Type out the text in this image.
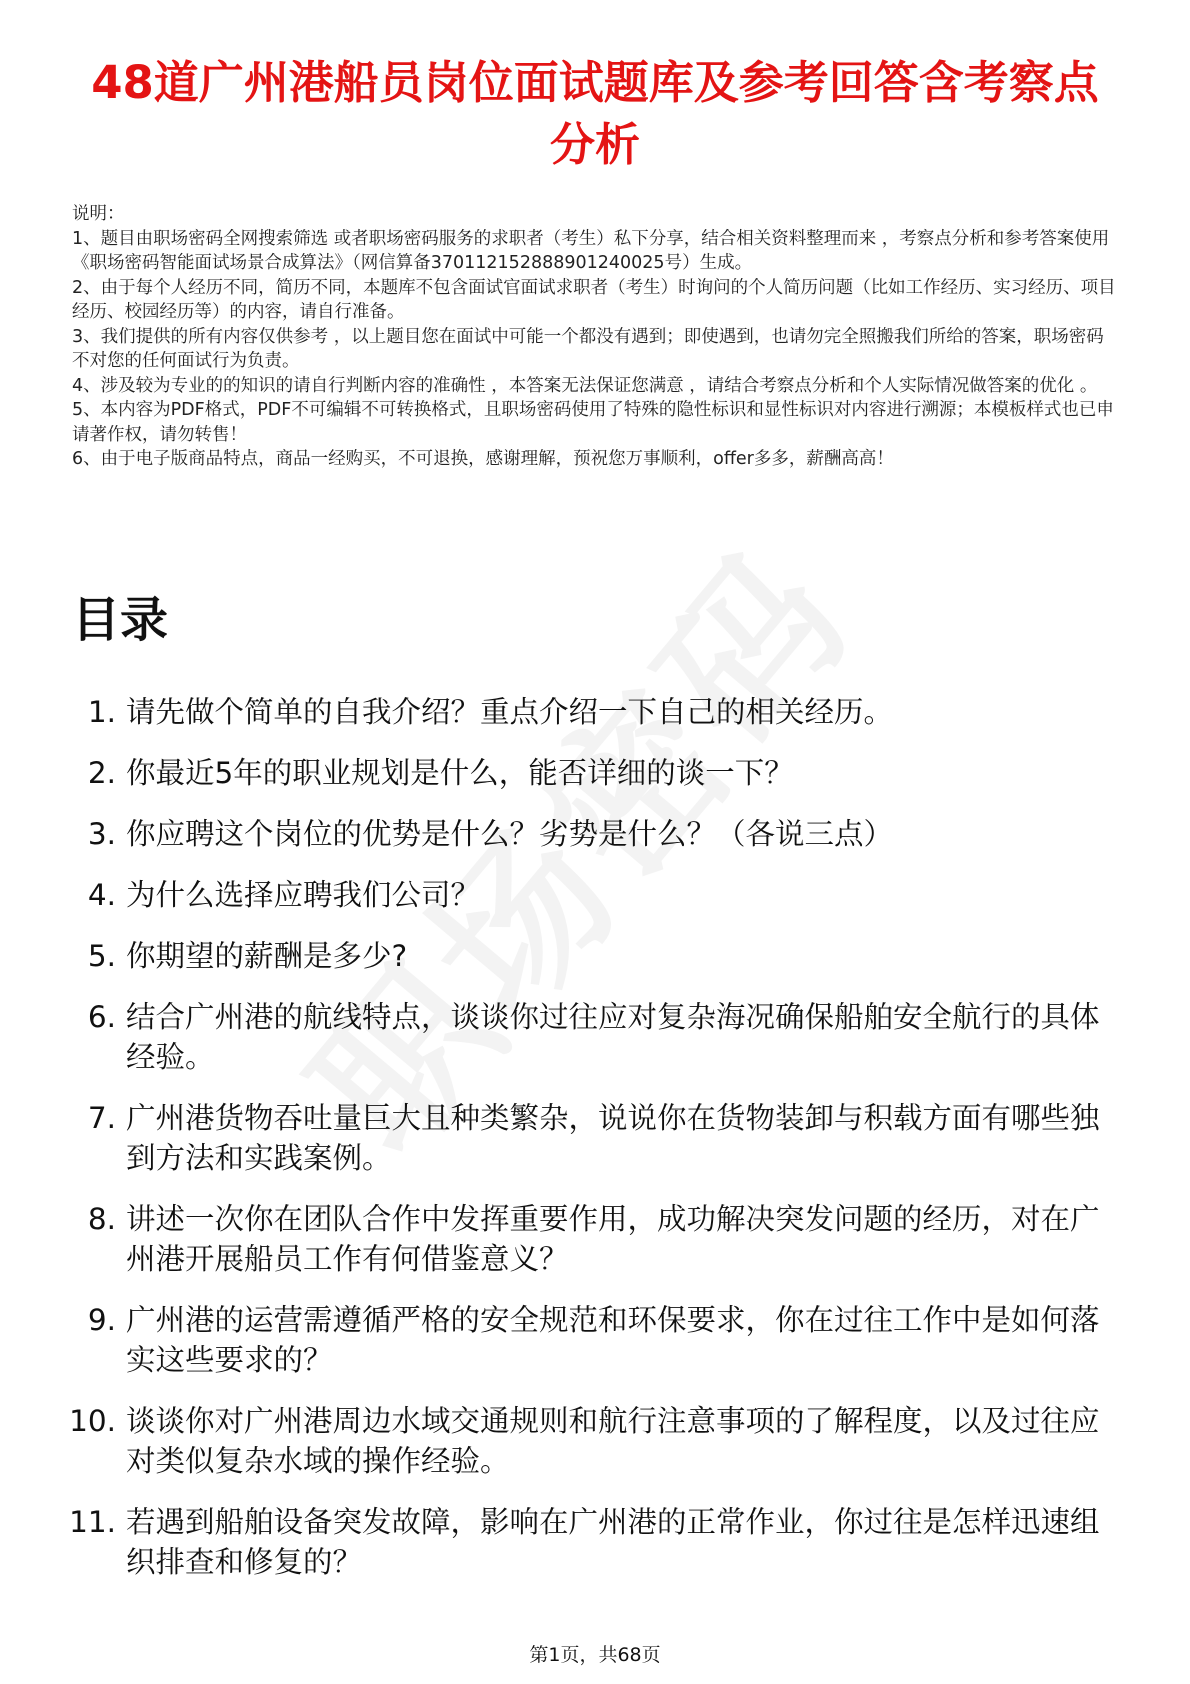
48道广州港船员岗位面试题库及参考回答含考察点分析

说明：

1、题目由职场密码全网搜索筛选 或者职场密码服务的求职者（考生）私下分享，结合相关资料整理而来 ，考察点分析和参考答案使用《职场密码智能面试场景合成算法》（网信算备370112152888901240025号）生成。

2、由于每个人经历不同，简历不同，本题库不包含面试官面试求职者（考生）时询问的个人简历问题（比如工作经历、实习经历、项目经历、校园经历等）的内容，请自行准备。

3、我们提供的所有内容仅供参考 ，以上题目您在面试中可能一个都没有遇到；即使遇到，也请勿完全照搬我们所给的答案，职场密码不对您的任何面试行为负责。

4、涉及较为专业的的知识的请自行判断内容的准确性 ，本答案无法保证您满意 ，请结合考察点分析和个人实际情况做答案的优化 。

5、本内容为PDF格式，PDF不可编辑不可转换格式，且职场密码使用了特殊的隐性标识和显性标识对内容进行溯源；本模板样式也已申请著作权，请勿转售！

6、由于电子版商品特点，商品一经购买，不可退换，感谢理解，预祝您万事顺利，offer多多，薪酬高高！

目录
1. 请先做个简单的自我介绍？重点介绍一下自己的相关经历。
2. 你最近5年的职业规划是什么，能否详细的谈一下？
3. 你应聘这个岗位的优势是什么？劣势是什么？（各说三点）
4. 为什么选择应聘我们公司？
5. 你期望的薪酬是多少?
6. 结合广州港的航线特点，谈谈你过往应对复杂海况确保船舶安全航行的具体经验。
7. 广州港货物吞吐量巨大且种类繁杂，说说你在货物装卸与积载方面有哪些独到方法和实践案例。
8. 讲述一次你在团队合作中发挥重要作用，成功解决突发问题的经历，对在广州港开展船员工作有何借鉴意义？
9. 广州港的运营需遵循严格的安全规范和环保要求，你在过往工作中是如何落实这些要求的？
10. 谈谈你对广州港周边水域交通规则和航行注意事项的了解程度，以及过往应对类似复杂水域的操作经验。
11. 若遇到船舶设备突发故障，影响在广州港的正常作业，你过往是怎样迅速组织排查和修复的？
第1页，共68页
